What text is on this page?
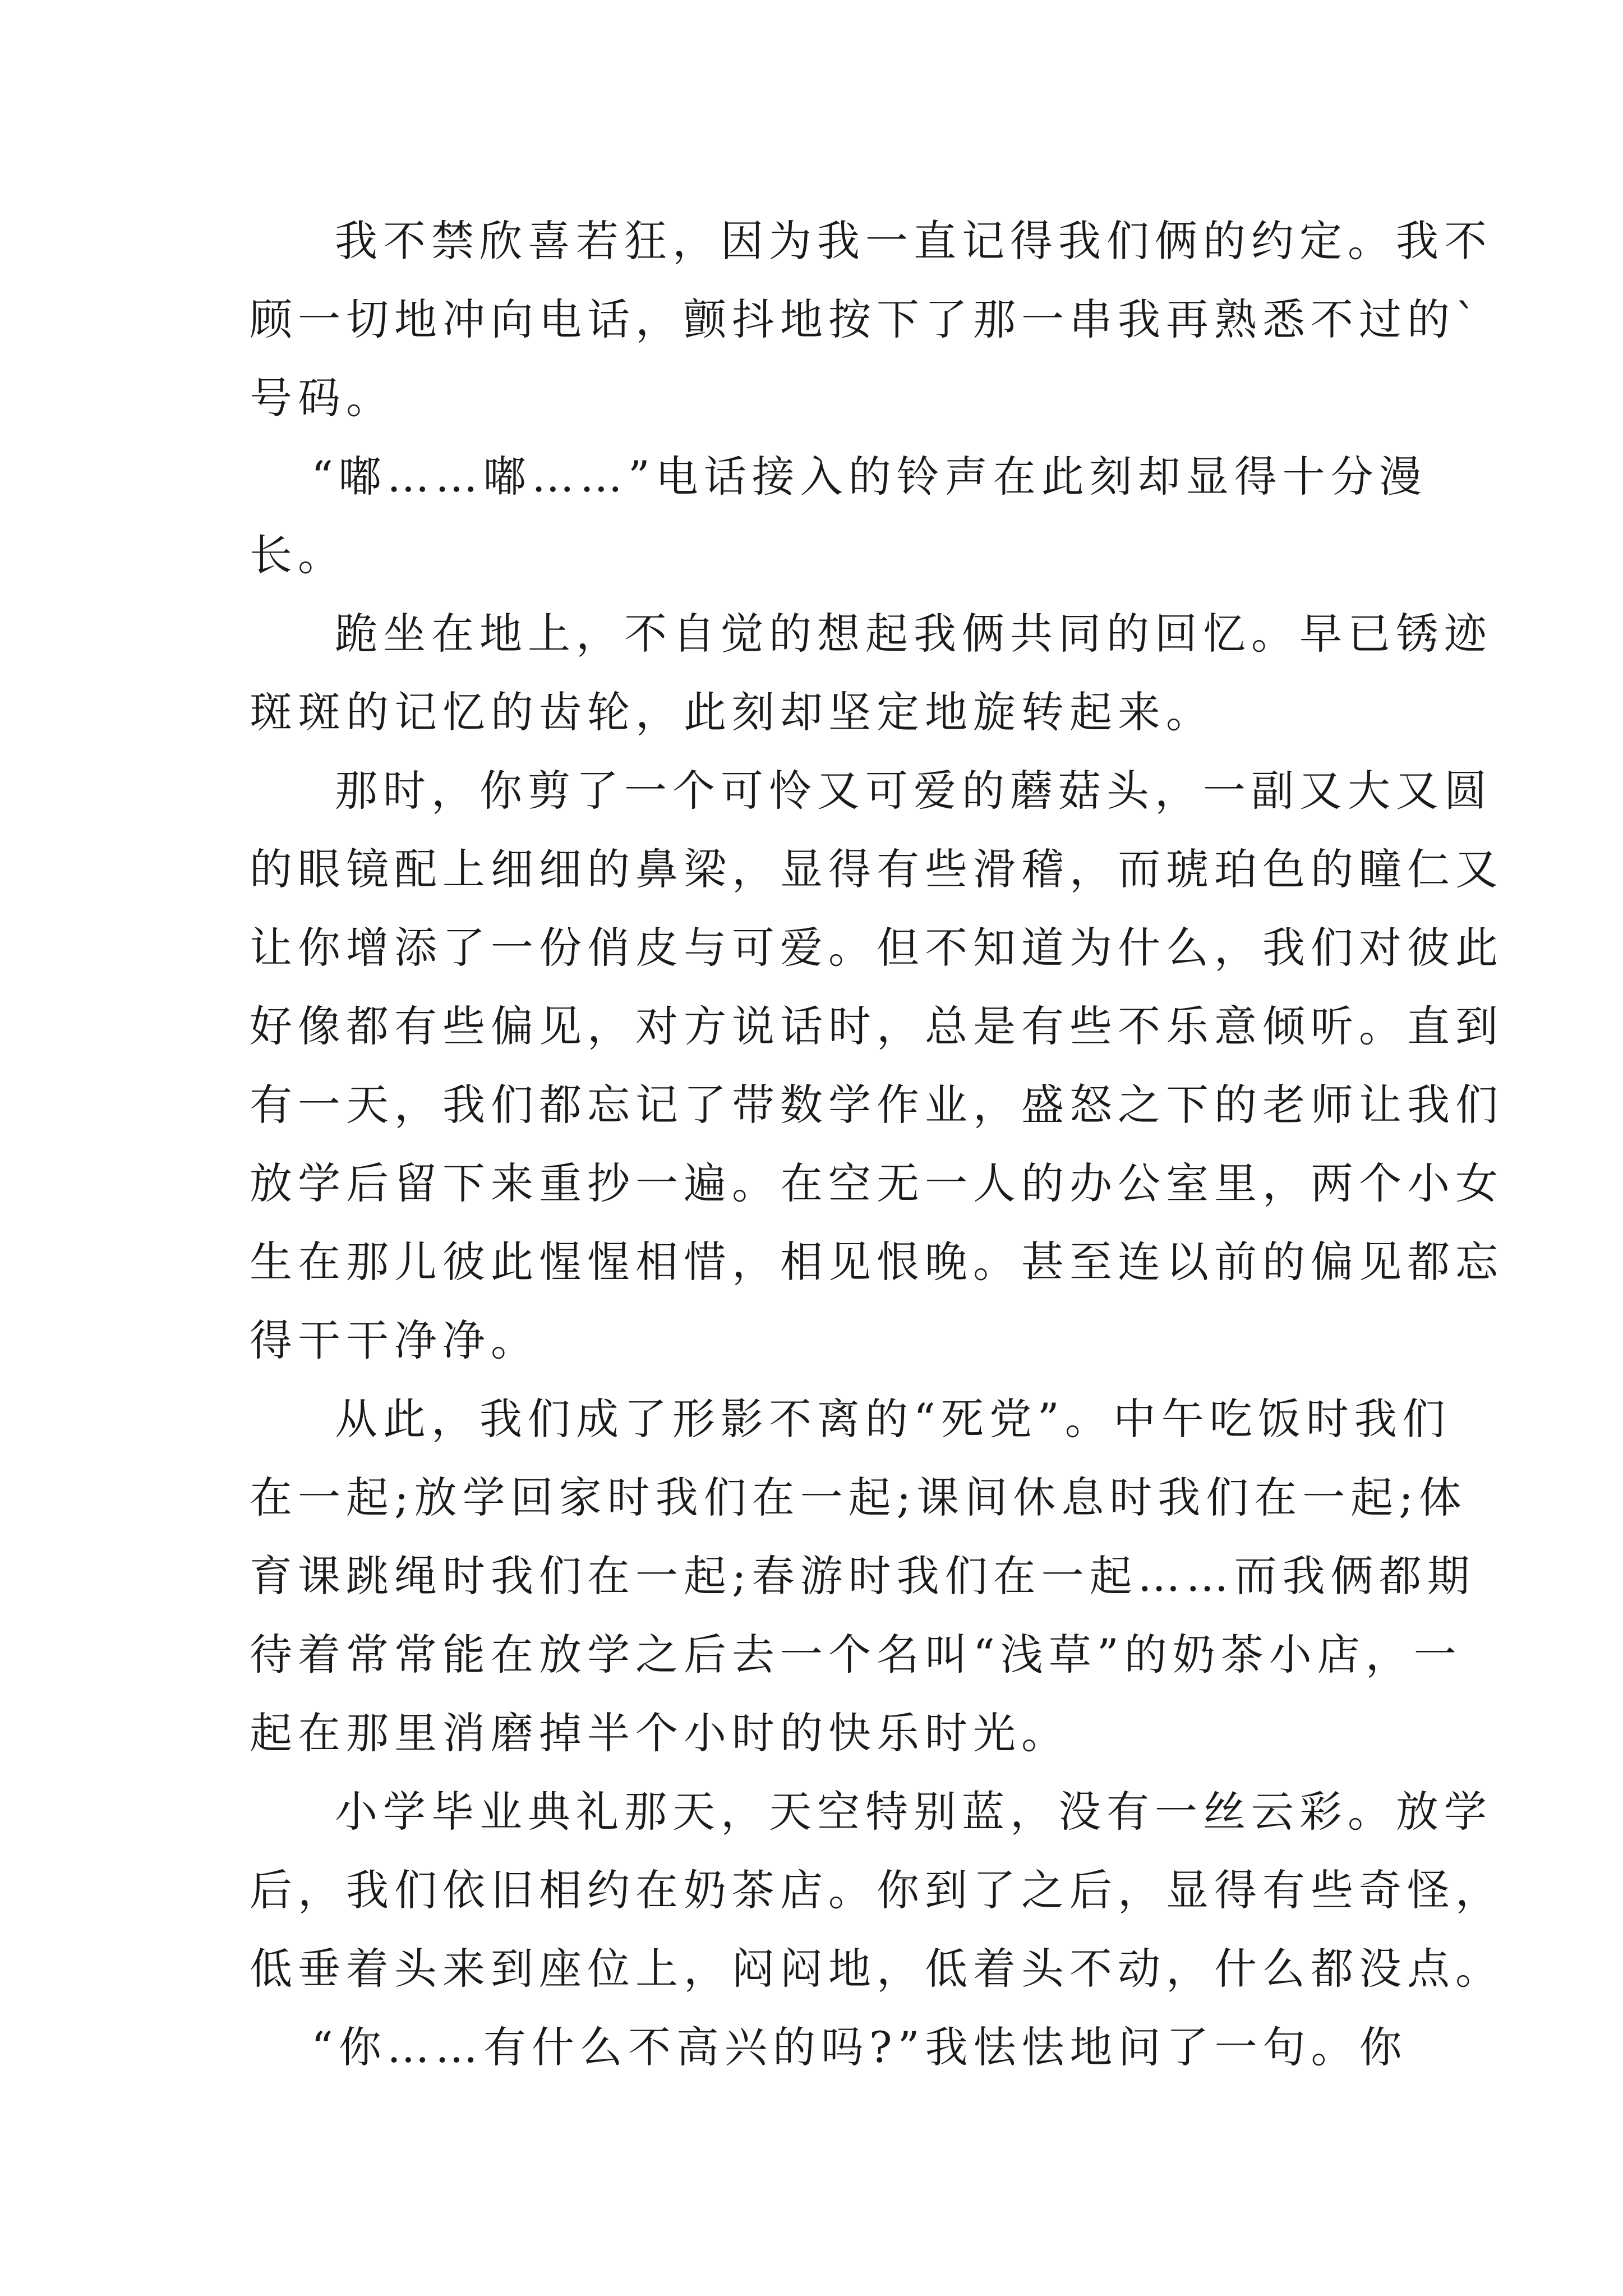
我不禁欣喜若狂，因为我一直记得我们俩的约定。我不
顾一切地冲向电话，颤抖地按下了那一串我再熟悉不过的`
号码。
“嘟……嘟……”电话接入的铃声在此刻却显得十分漫
长。
跪坐在地上，不自觉的想起我俩共同的回忆。早已锈迹
斑斑的记忆的齿轮，此刻却坚定地旋转起来。
那时，你剪了一个可怜又可爱的蘑菇头，一副又大又圆
的眼镜配上细细的鼻梁，显得有些滑稽，而琥珀色的瞳仁又
让你增添了一份俏皮与可爱。但不知道为什么，我们对彼此
好像都有些偏见，对方说话时，总是有些不乐意倾听。直到
有一天，我们都忘记了带数学作业，盛怒之下的老师让我们
放学后留下来重抄一遍。在空无一人的办公室里，两个小女
生在那儿彼此惺惺相惜，相见恨晚。甚至连以前的偏见都忘
得干干净净。
从此，我们成了形影不离的“死党”。中午吃饭时我们
在一起;放学回家时我们在一起;课间休息时我们在一起;体
育课跳绳时我们在一起;春游时我们在一起……而我俩都期
待着常常能在放学之后去一个名叫“浅草”的奶茶小店，一
起在那里消磨掉半个小时的快乐时光。
小学毕业典礼那天，天空特别蓝，没有一丝云彩。放学
后，我们依旧相约在奶茶店。你到了之后，显得有些奇怪，
低垂着头来到座位上，闷闷地，低着头不动，什么都没点。
“你……有什么不高兴的吗?”我怯怯地问了一句。你
